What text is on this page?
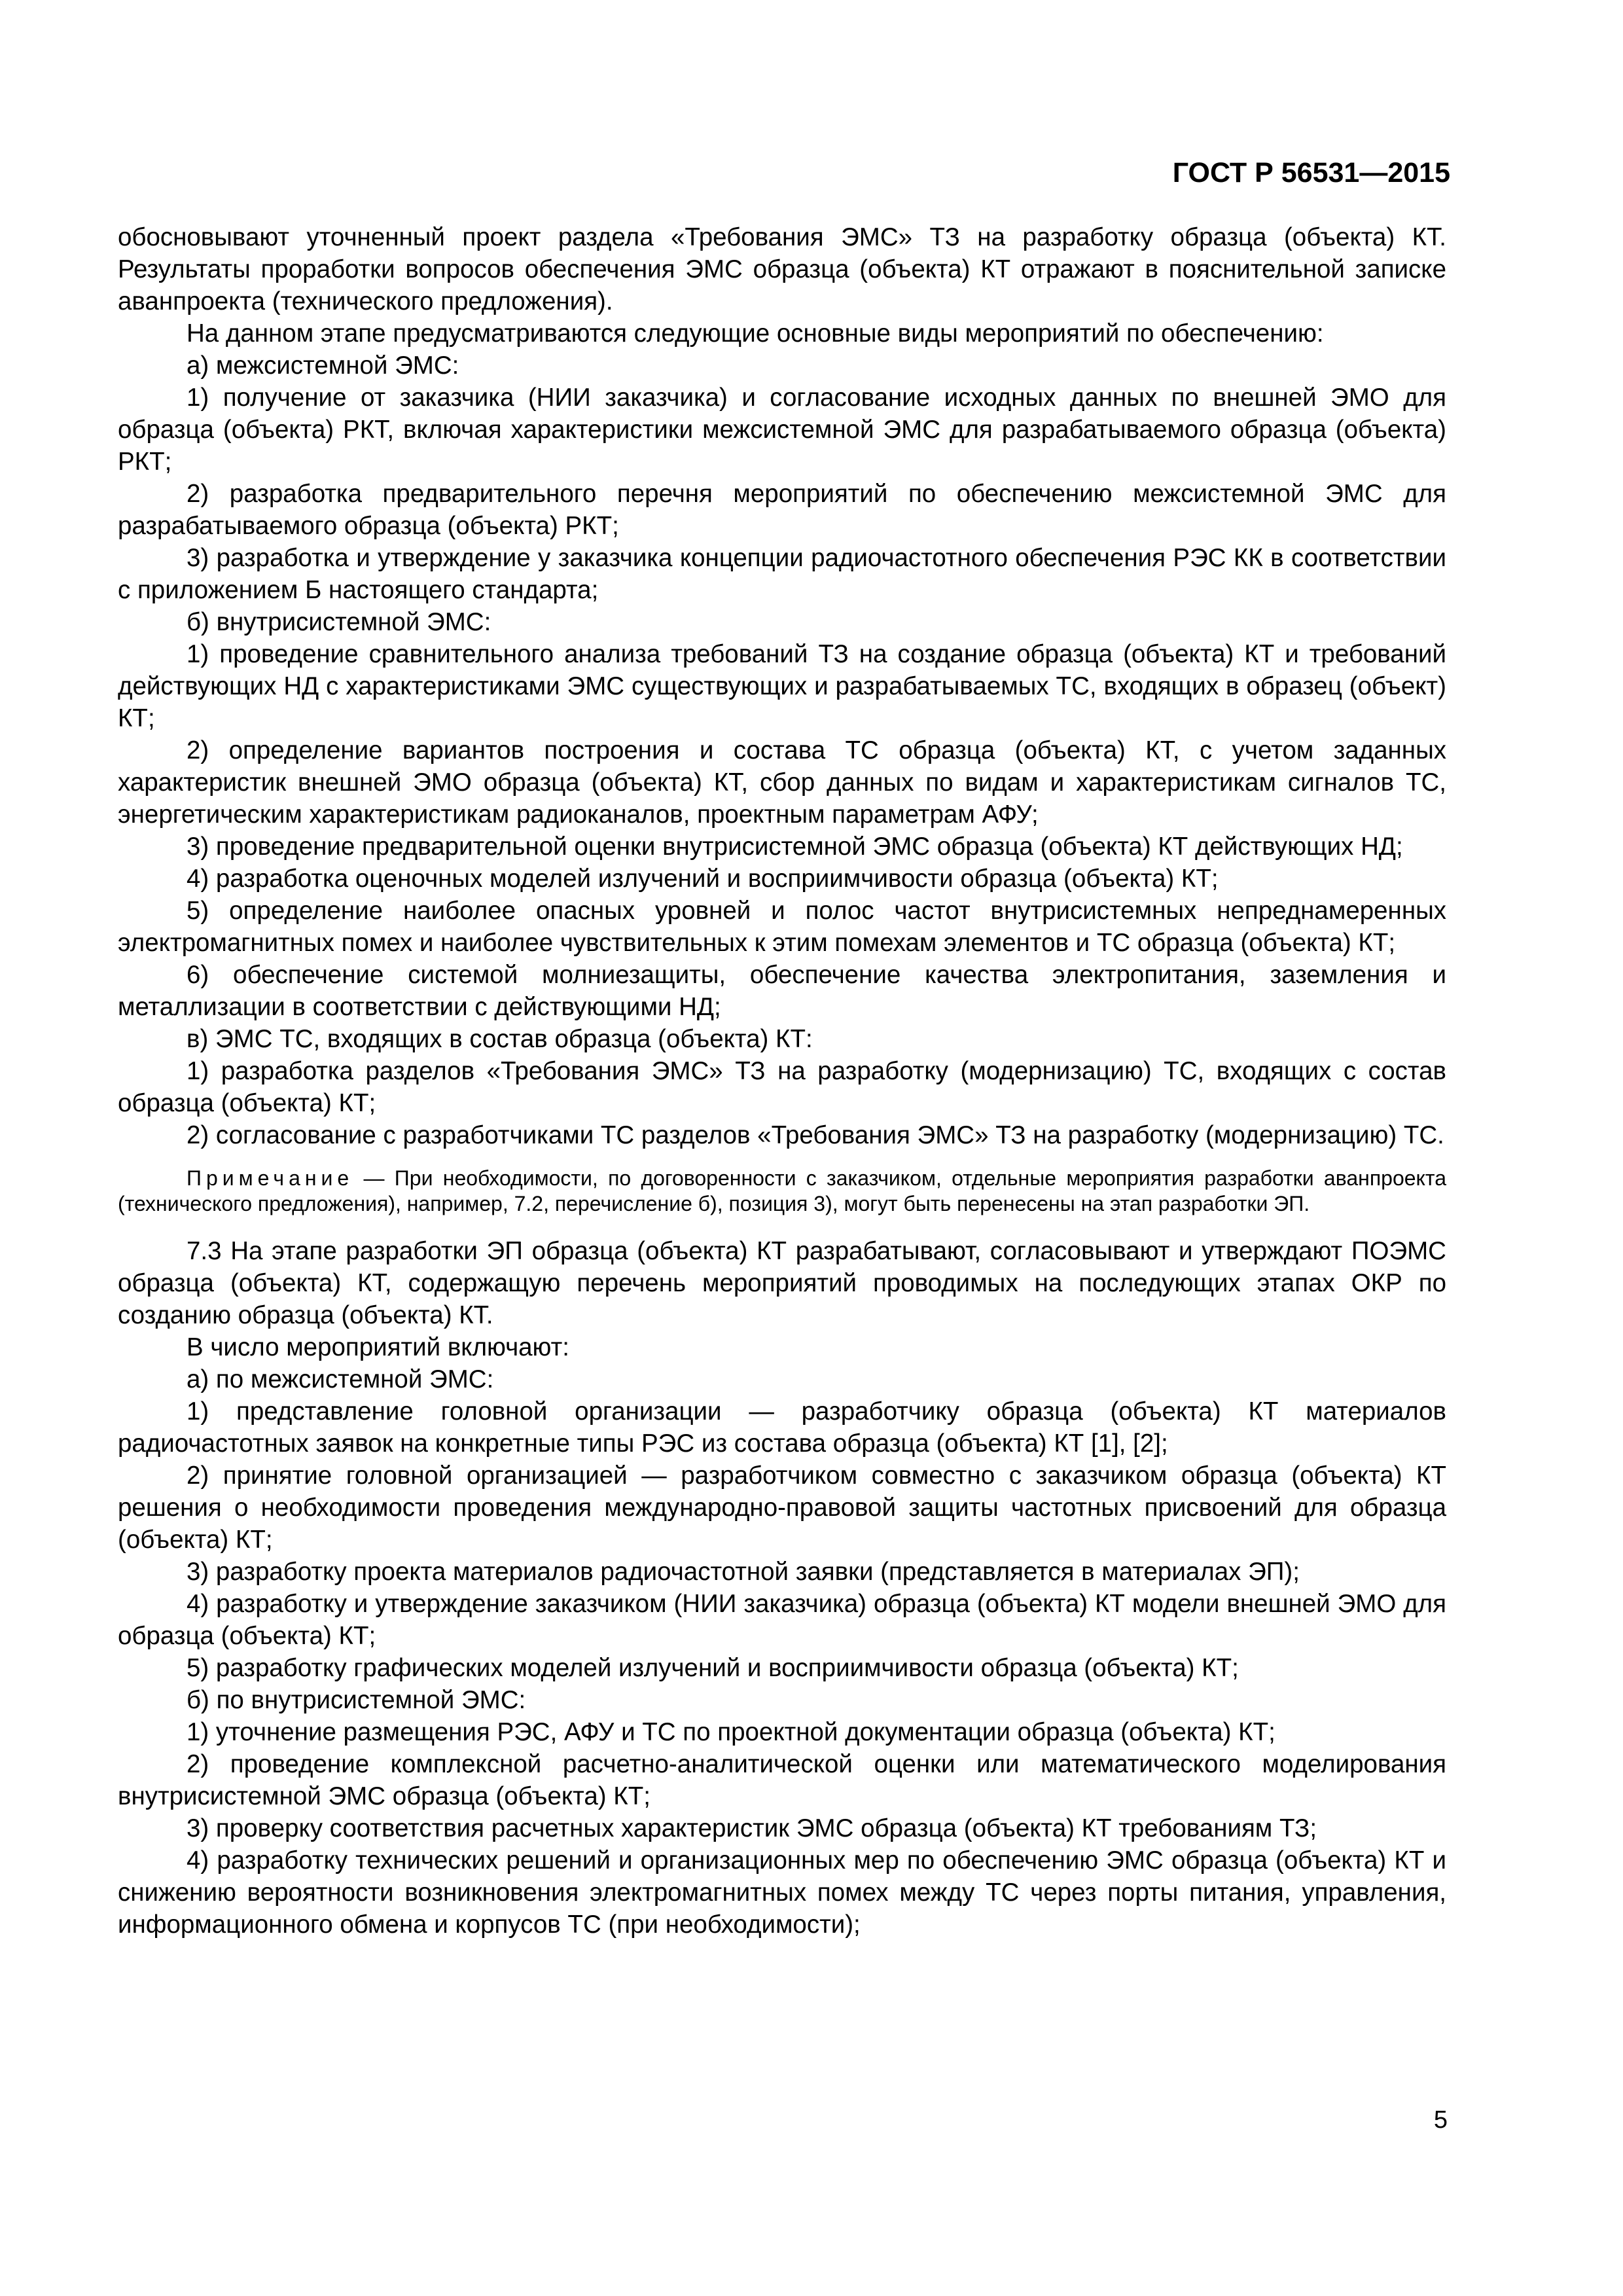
ГОСТ Р 56531—2015

обосновывают уточненный проект раздела «Требования ЭМС» ТЗ на разработку образца (объекта) КТ. Результаты проработки вопросов обеспечения ЭМС образца (объекта) КТ отражают в пояснительной записке аванпроекта (технического предложения).

На данном этапе предусматриваются следующие основные виды мероприятий по обеспечению:

а) межсистемной ЭМС:

1) получение от заказчика (НИИ заказчика) и согласование исходных данных по внешней ЭМО для образца (объекта) РКТ, включая характеристики межсистемной ЭМС для разрабатываемого образца (объекта) РКТ;

2) разработка предварительного перечня мероприятий по обеспечению межсистемной ЭМС для разрабатываемого образца (объекта) РКТ;

3) разработка и утверждение у заказчика концепции радиочастотного обеспечения РЭС КК в соответствии с приложением Б настоящего стандарта;

б) внутрисистемной ЭМС:

1) проведение сравнительного анализа требований ТЗ на создание образца (объекта) КТ и требований действующих НД с характеристиками ЭМС существующих и разрабатываемых ТС, входящих в образец (объект) КТ;

2) определение вариантов построения и состава ТС образца (объекта) КТ, с учетом заданных характеристик внешней ЭМО образца (объекта) КТ, сбор данных по видам и характеристикам сигналов ТС, энергетическим характеристикам радиоканалов, проектным параметрам АФУ;

3) проведение предварительной оценки внутрисистемной ЭМС образца (объекта) КТ действующих НД;

4) разработка оценочных моделей излучений и восприимчивости образца (объекта) КТ;

5) определение наиболее опасных уровней и полос частот внутрисистемных непреднамеренных электромагнитных помех и наиболее чувствительных к этим помехам элементов и ТС образца (объекта) КТ;

6) обеспечение системой молниезащиты, обеспечение качества электропитания, заземления и металлизации в соответствии с действующими НД;

в) ЭМС ТС, входящих в состав образца (объекта) КТ:

1) разработка разделов «Требования ЭМС» ТЗ на разработку (модернизацию) ТС, входящих с состав образца (объекта) КТ;

2) согласование с разработчиками ТС разделов «Требования ЭМС» ТЗ на разработку (модернизацию) ТС.

Примечание — При необходимости, по договоренности с заказчиком, отдельные мероприятия разработки аванпроекта (технического предложения), например, 7.2, перечисление б), позиция 3), могут быть перенесены на этап разработки ЭП.

7.3 На этапе разработки ЭП образца (объекта) КТ разрабатывают, согласовывают и утверждают ПОЭМС образца (объекта) КТ, содержащую перечень мероприятий проводимых на последующих этапах ОКР по созданию образца (объекта) КТ.

В число мероприятий включают:

а) по межсистемной ЭМС:

1) представление головной организации — разработчику образца (объекта) КТ материалов радиочастотных заявок на конкретные типы РЭС из состава образца (объекта) КТ [1], [2];

2) принятие головной организацией — разработчиком совместно с заказчиком образца (объекта) КТ решения о необходимости проведения международно-правовой защиты частотных присвоений для образца (объекта) КТ;

3) разработку проекта материалов радиочастотной заявки (представляется в материалах ЭП);

4) разработку и утверждение заказчиком (НИИ заказчика) образца (объекта) КТ модели внешней ЭМО для образца (объекта) КТ;

5) разработку графических моделей излучений и восприимчивости образца (объекта) КТ;

б) по внутрисистемной ЭМС:

1) уточнение размещения РЭС, АФУ и ТС по проектной документации образца (объекта) КТ;

2) проведение комплексной расчетно-аналитической оценки или математического моделирования внутрисистемной ЭМС образца (объекта) КТ;

3) проверку соответствия расчетных характеристик ЭМС образца (объекта) КТ требованиям ТЗ;

4) разработку технических решений и организационных мер по обеспечению ЭМС образца (объекта) КТ и снижению вероятности возникновения электромагнитных помех между ТС через порты питания, управления, информационного обмена и корпусов ТС (при необходимости);

5
